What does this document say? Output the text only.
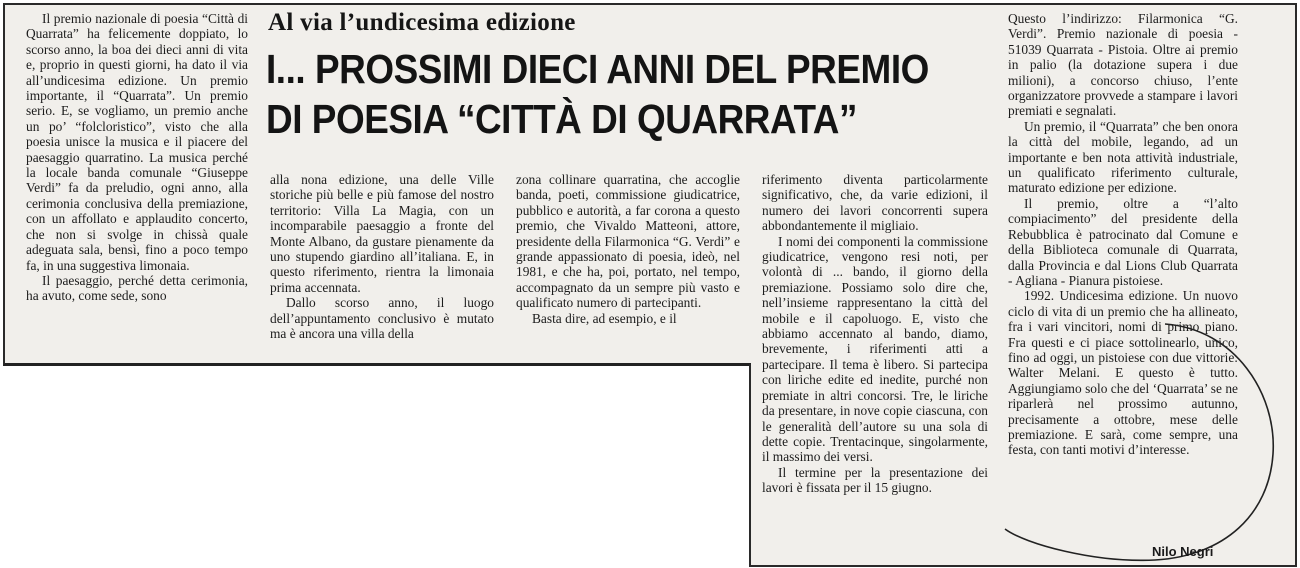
Al via l’undicesima edizione
I... PROSSIMI DIECI ANNI DEL PREMIO
DI POESIA “CITTÀ DI QUARRATA”

Il premio nazionale di poesia “Città di Quarrata” ha felicemente doppiato, lo scorso anno, la boa dei dieci anni di vita e, proprio in questi giorni, ha dato il via all’undicesima edizione. Un premio importante, il “Quarrata”. Un premio serio. E, se vogliamo, un premio anche un po’ “folcloristico”, visto che alla poesia unisce la musica e il piacere del paesaggio quarratino. La musica perché la locale banda comunale “Giuseppe Verdi” fa da preludio, ogni anno, alla cerimonia conclusiva della premiazione, con un affollato e applaudito concerto, che non si svolge in chissà quale adeguata sala, bensì, fino a poco tempo fa, in una suggestiva limonaia.

Il paesaggio, perché detta cerimonia, ha avuto, come sede, sono

alla nona edizione, una delle Ville storiche più belle e più famose del nostro territorio: Villa La Magia, con un incomparabile paesaggio a fronte del Monte Albano, da gustare pienamente da uno stupendo giardino all’italiana. E, in questo riferimento, rientra la limonaia prima accennata.

Dallo scorso anno, il luogo dell’appuntamento conclusivo è mutato ma è ancora una villa della

zona collinare quarratina, che accoglie banda, poeti, commissione giudicatrice, pubblico e autorità, a far corona a questo premio, che Vivaldo Matteoni, attore, presidente della Filarmonica “G. Verdi” e grande appassionato di poesia, ideò, nel 1981, e che ha, poi, portato, nel tempo, accompagnato da un sempre più vasto e qualificato numero di partecipanti.

Basta dire, ad esempio, e il

riferimento diventa particolarmente significativo, che, da varie edizioni, il numero dei lavori concorrenti supera abbondantemente il migliaio.

I nomi dei componenti la commissione giudicatrice, vengono resi noti, per volontà di ... bando, il giorno della premiazione. Possiamo solo dire che, nell’insieme rappresentano la città del mobile e il capoluogo. E, visto che abbiamo accennato al bando, diamo, brevemente, i riferimenti atti a partecipare. Il tema è libero. Si partecipa con liriche edite ed inedite, purché non premiate in altri concorsi. Tre, le liriche da presentare, in nove copie ciascuna, con le generalità dell’autore su una sola di dette copie. Trentacinque, singolarmente, il massimo dei versi.

Il termine per la presentazione dei lavori è fissata per il 15 giugno.

Questo l’indirizzo: Filarmonica “G. Verdi”. Premio nazionale di poesia - 51039 Quarrata - Pistoia. Oltre ai premio in palio (la dotazione supera i due milioni), a concorso chiuso, l’ente organizzatore provvede a stampare i lavori premiati e segnalati.

Un premio, il “Quarrata” che ben onora la città del mobile, legando, ad un importante e ben nota attività industriale, un qualificato riferimento culturale, maturato edizione per edizione.

Il premio, oltre a “l’alto compiacimento” del presidente della Rebubblica è patrocinato dal Comune e della Biblioteca comunale di Quarrata, dalla Provincia e dal Lions Club Quarrata - Agliana - Pianura pistoiese.

1992. Undicesima edizione. Un nuovo ciclo di vita di un premio che ha allineato, fra i vari vincitori, nomi di primo piano. Fra questi e ci piace sottolinearlo, unico, fino ad oggi, un pistoiese con due vittorie: Walter Melani. E questo è tutto. Aggiungiamo solo che del ‘Quarrata’ se ne riparlerà nel prossimo autunno, precisamente a ottobre, mese delle premiazione. E sarà, come sempre, una festa, con tanti motivi d’interesse.

Nilo Negri
